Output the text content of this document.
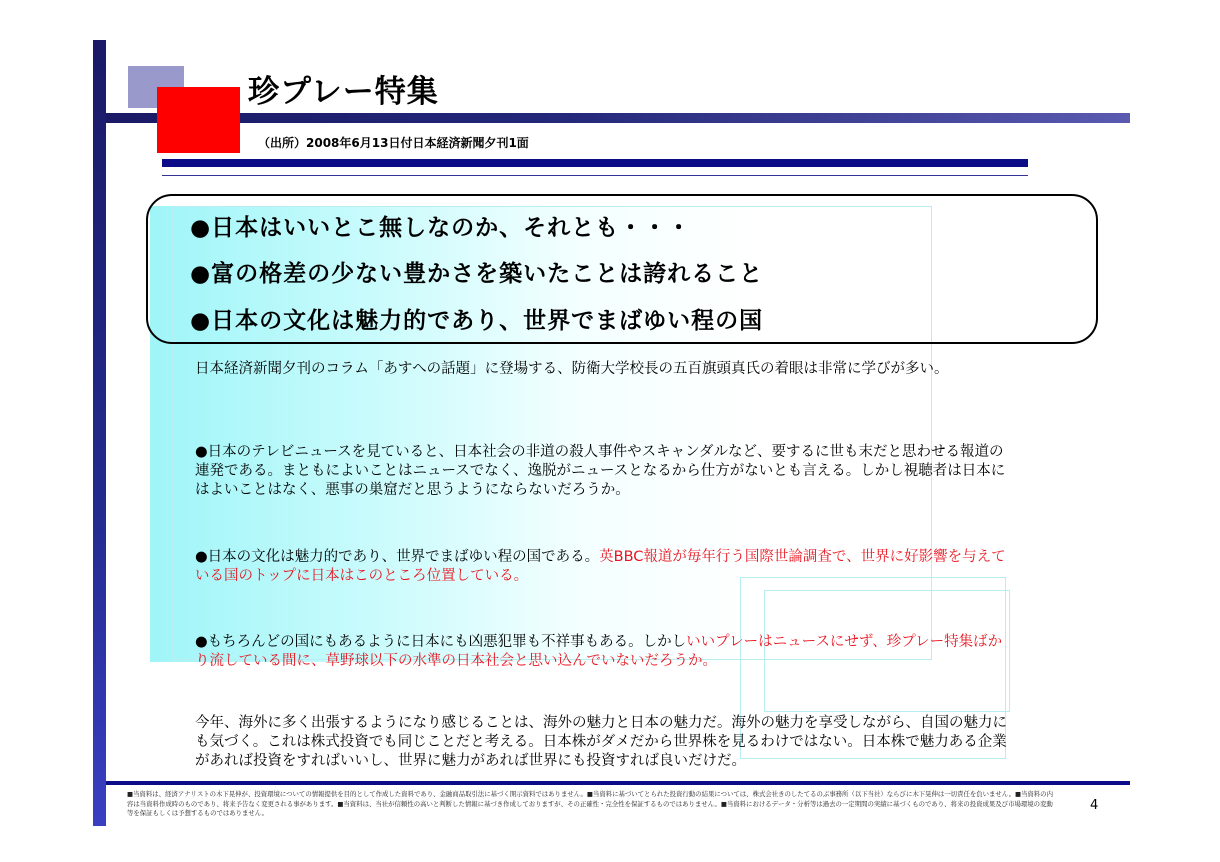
珍プレー特集
（出所）2008年6月13日付日本経済新聞夕刊1面
●日本はいいとこ無しなのか、それとも・・・
●富の格差の少ない豊かさを築いたことは誇れること
●日本の文化は魅力的であり、世界でまばゆい程の国
日本経済新聞夕刊のコラム「あすへの話題」に登場する、防衛大学校長の五百旗頭真氏の着眼は非常に学びが多い。
●日本のテレビニュースを見ていると、日本社会の非道の殺人事件やスキャンダルなど、要するに世も末だと思わせる報道の連発である。まともによいことはニュースでなく、逸脱がニュースとなるから仕方がないとも言える。しかし視聴者は日本にはよいことはなく、悪事の巣窟だと思うようにならないだろうか。
●日本の文化は魅力的であり、世界でまばゆい程の国である。英BBC報道が毎年行う国際世論調査で、世界に好影響を与えている国のトップに日本はこのところ位置している。
●もちろんどの国にもあるように日本にも凶悪犯罪も不祥事もある。しかしいいプレーはニュースにせず、珍プレー特集ばかり流している間に、草野球以下の水準の日本社会と思い込んでいないだろうか。
今年、海外に多く出張するようになり感じることは、海外の魅力と日本の魅力だ。海外の魅力を享受しながら、自国の魅力にも気づく。これは株式投資でも同じことだと考える。日本株がダメだから世界株を見るわけではない。日本株で魅力ある企業があれば投資をすればいいし、世界に魅力があれば世界にも投資すれば良いだけだ。
■当資料は、経済アナリストの木下晃伸が、投資環境についての情報提供を目的として作成した資料であり、金融商品取引法に基づく開示資料ではありません。■当資料に基づいてとられた投資行動の結果については、株式会社きのしたてるのぶ事務所（以下当社）ならびに木下晃伸は一切責任を負いません。■当資料の内容は当資料作成時のものであり、将来予告なく変更される事があります。■当資料は、当社が信頼性の高いと判断した情報に基づき作成しておりますが、その正確性・完全性を保証するものではありません。■当資料におけるデータ・分析等は過去の一定期間の実績に基づくものであり、将来の投資成果及び市場環境の変動等を保証もしくは予想するものではありません。	4
